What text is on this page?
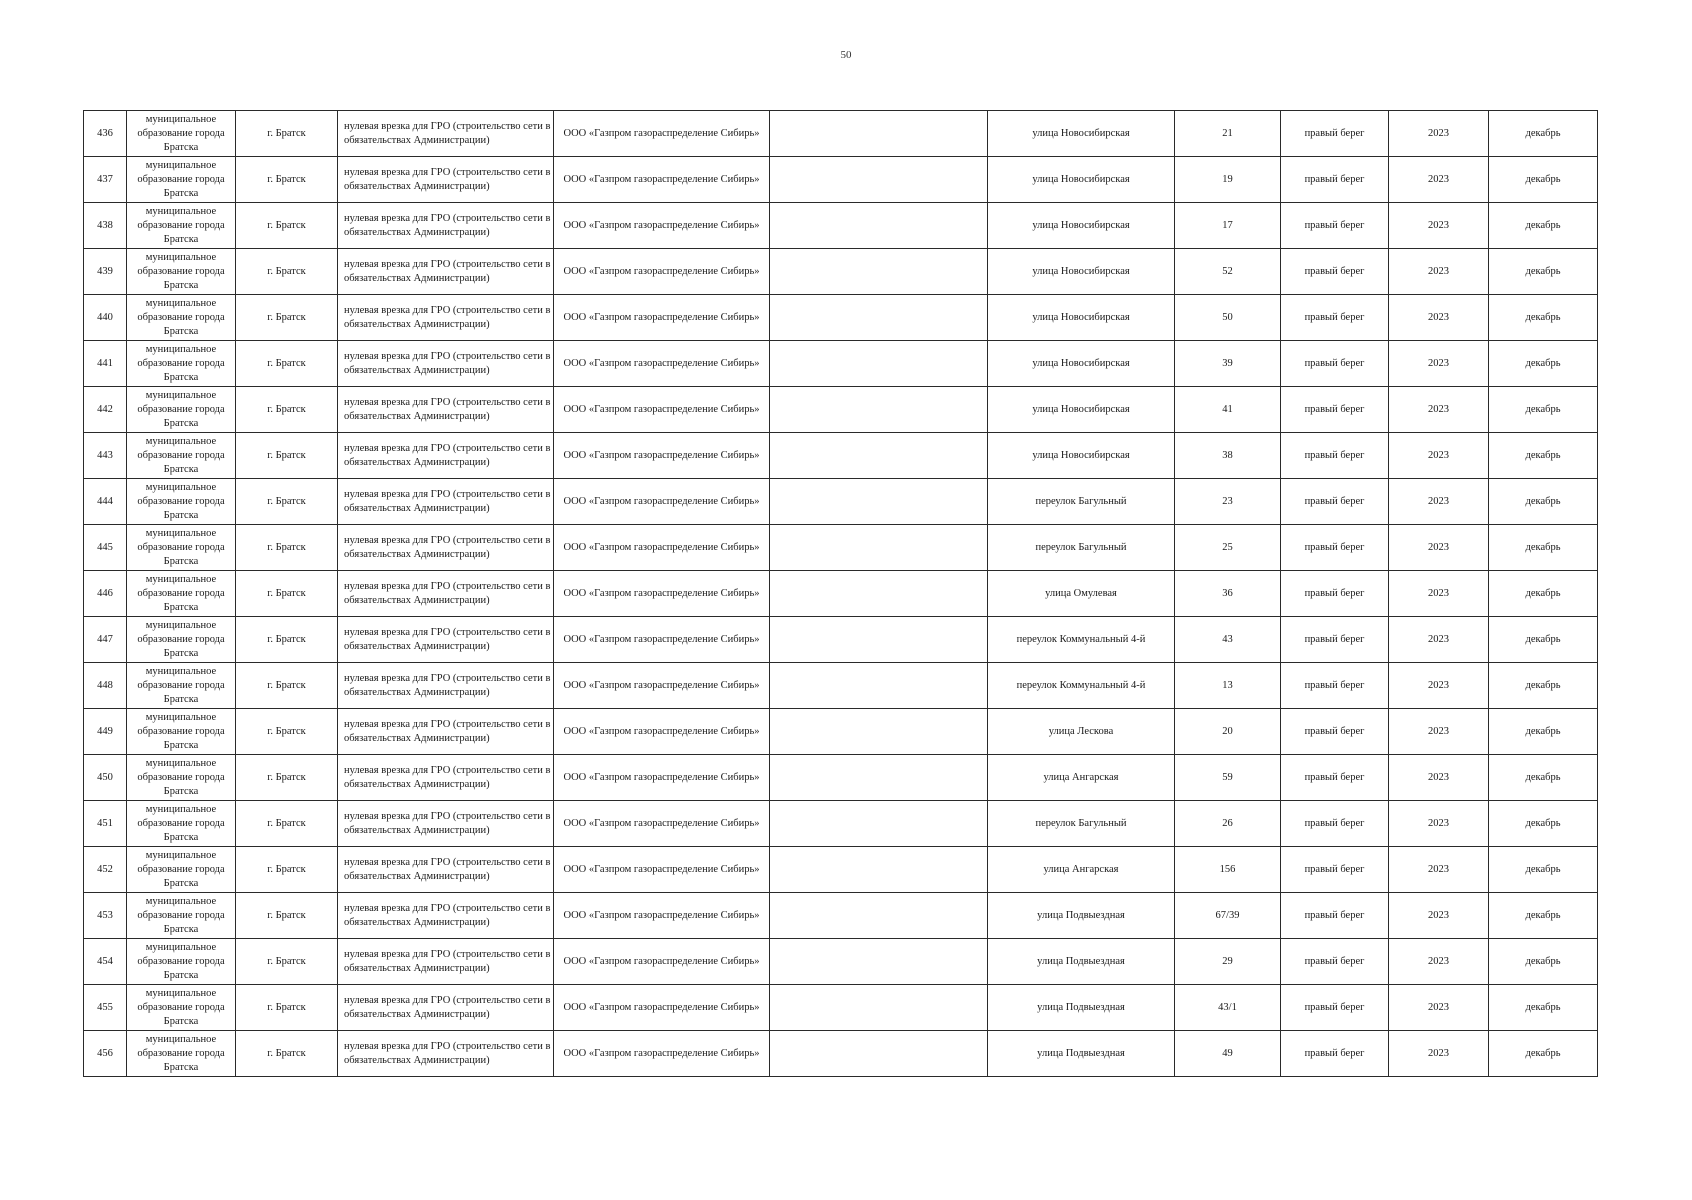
50
436	муниципальное образование города Братска	г. Братск	нулевая врезка для ГРО (строительство сети в обязательствах Администрации)	ООО «Газпром газораспределение Сибирь»		улица Новосибирская	21	правый берег	2023	декабрь
437	муниципальное образование города Братска	г. Братск	нулевая врезка для ГРО (строительство сети в обязательствах Администрации)	ООО «Газпром газораспределение Сибирь»		улица Новосибирская	19	правый берег	2023	декабрь
438	муниципальное образование города Братска	г. Братск	нулевая врезка для ГРО (строительство сети в обязательствах Администрации)	ООО «Газпром газораспределение Сибирь»		улица Новосибирская	17	правый берег	2023	декабрь
439	муниципальное образование города Братска	г. Братск	нулевая врезка для ГРО (строительство сети в обязательствах Администрации)	ООО «Газпром газораспределение Сибирь»		улица Новосибирская	52	правый берег	2023	декабрь
440	муниципальное образование города Братска	г. Братск	нулевая врезка для ГРО (строительство сети в обязательствах Администрации)	ООО «Газпром газораспределение Сибирь»		улица Новосибирская	50	правый берег	2023	декабрь
441	муниципальное образование города Братска	г. Братск	нулевая врезка для ГРО (строительство сети в обязательствах Администрации)	ООО «Газпром газораспределение Сибирь»		улица Новосибирская	39	правый берег	2023	декабрь
442	муниципальное образование города Братска	г. Братск	нулевая врезка для ГРО (строительство сети в обязательствах Администрации)	ООО «Газпром газораспределение Сибирь»		улица Новосибирская	41	правый берег	2023	декабрь
443	муниципальное образование города Братска	г. Братск	нулевая врезка для ГРО (строительство сети в обязательствах Администрации)	ООО «Газпром газораспределение Сибирь»		улица Новосибирская	38	правый берег	2023	декабрь
444	муниципальное образование города Братска	г. Братск	нулевая врезка для ГРО (строительство сети в обязательствах Администрации)	ООО «Газпром газораспределение Сибирь»		переулок Багульный	23	правый берег	2023	декабрь
445	муниципальное образование города Братска	г. Братск	нулевая врезка для ГРО (строительство сети в обязательствах Администрации)	ООО «Газпром газораспределение Сибирь»		переулок Багульный	25	правый берег	2023	декабрь
446	муниципальное образование города Братска	г. Братск	нулевая врезка для ГРО (строительство сети в обязательствах Администрации)	ООО «Газпром газораспределение Сибирь»		улица Омулевая	36	правый берег	2023	декабрь
447	муниципальное образование города Братска	г. Братск	нулевая врезка для ГРО (строительство сети в обязательствах Администрации)	ООО «Газпром газораспределение Сибирь»		переулок Коммунальный 4-й	43	правый берег	2023	декабрь
448	муниципальное образование города Братска	г. Братск	нулевая врезка для ГРО (строительство сети в обязательствах Администрации)	ООО «Газпром газораспределение Сибирь»		переулок Коммунальный 4-й	13	правый берег	2023	декабрь
449	муниципальное образование города Братска	г. Братск	нулевая врезка для ГРО (строительство сети в обязательствах Администрации)	ООО «Газпром газораспределение Сибирь»		улица Лескова	20	правый берег	2023	декабрь
450	муниципальное образование города Братска	г. Братск	нулевая врезка для ГРО (строительство сети в обязательствах Администрации)	ООО «Газпром газораспределение Сибирь»		улица Ангарская	59	правый берег	2023	декабрь
451	муниципальное образование города Братска	г. Братск	нулевая врезка для ГРО (строительство сети в обязательствах Администрации)	ООО «Газпром газораспределение Сибирь»		переулок Багульный	26	правый берег	2023	декабрь
452	муниципальное образование города Братска	г. Братск	нулевая врезка для ГРО (строительство сети в обязательствах Администрации)	ООО «Газпром газораспределение Сибирь»		улица Ангарская	156	правый берег	2023	декабрь
453	муниципальное образование города Братска	г. Братск	нулевая врезка для ГРО (строительство сети в обязательствах Администрации)	ООО «Газпром газораспределение Сибирь»		улица Подвыездная	67/39	правый берег	2023	декабрь
454	муниципальное образование города Братска	г. Братск	нулевая врезка для ГРО (строительство сети в обязательствах Администрации)	ООО «Газпром газораспределение Сибирь»		улица Подвыездная	29	правый берег	2023	декабрь
455	муниципальное образование города Братска	г. Братск	нулевая врезка для ГРО (строительство сети в обязательствах Администрации)	ООО «Газпром газораспределение Сибирь»		улица Подвыездная	43/1	правый берег	2023	декабрь
456	муниципальное образование города Братска	г. Братск	нулевая врезка для ГРО (строительство сети в обязательствах Администрации)	ООО «Газпром газораспределение Сибирь»		улица Подвыездная	49	правый берег	2023	декабрь
